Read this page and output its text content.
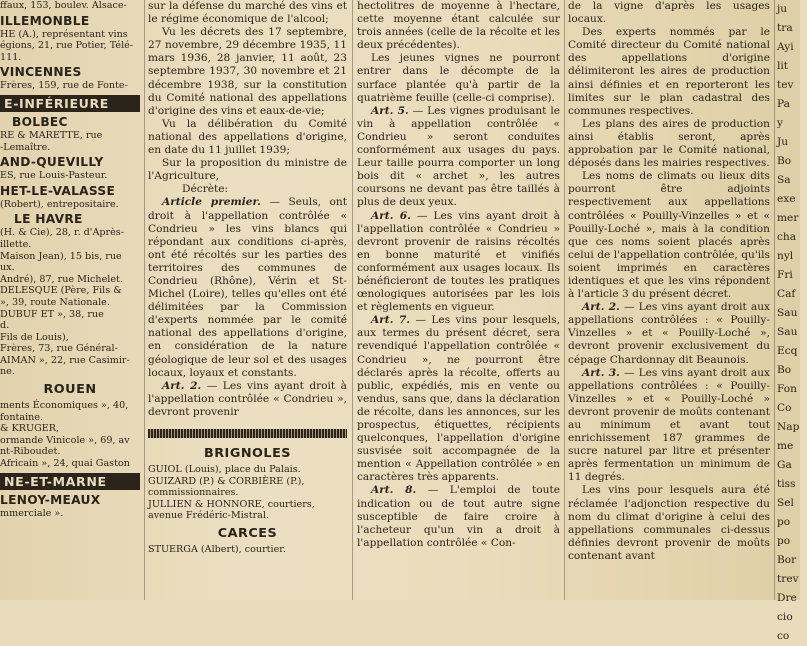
ffaux, 153, boulev. Alsace-
ILLEMONBLE
HE (A.), représentant vins
égions, 21, rue Potier, Télé-
111.
VINCENNES
Frères, 159, rue de Fonte-
E-INFÉRIEURE
BOLBEC
RE & MARETTE, rue
-Lemaître.
AND-QUEVILLY
ES, rue Louis-Pasteur.
HET-LE-VALASSE
(Robert), entrepositaire.
LE HAVRE
(H. & Cie), 28, r. d'Après-
illette.
Maison Jean), 15 bis, rue
ux.
André), 87, rue Michelet.
DELESQUE (Père, Fils &
», 39, route Nationale.
DUBUF ET », 38, rue
d.
Fils de Louis),
Frères, 73, rue Général-
AIMAN », 22, rue Casimir-
ne.
ROUEN
ments Économiques », 40,
fontaine.
& KRUGER,
ormande Vinicole », 69, av
nt-Riboudet.
Africain », 24, quai Gaston
NE-ET-MARNE
LENOY-MEAUX
mmerciale ».

sur la défense du marché des vins et le régime économique de l'alcool;

Vu les décrets des 17 septembre, 27 novembre, 29 décembre 1935, 11 mars 1936, 28 janvier, 11 août, 23 septembre 1937, 30 novembre et 21 décembre 1938, sur la constitution du Comité national des appellations d'origine des vins et eaux-de-vie;

Vu la délibération du Comité national des appellations d'origine, en date du 11 juillet 1939;

Sur la proposition du ministre de l'Agriculture,

Décrète:

Article premier. — Seuls, ont droit à l'appellation contrôlée « Condrieu » les vins blancs qui répondant aux conditions ci-après, ont été récoltés sur les parties des territoires des communes de Condrieu (Rhône), Vérin et St-Michel (Loire), telles qu'elles ont été délimitées par la Commission d'experts nommée par le comité national des appellations d'origine, en considération de la nature géologique de leur sol et des usages locaux, loyaux et constants.

Art. 2. — Les vins ayant droit à l'appellation contrôlée « Condrieu », devront provenir

BRIGNOLES
GUIOL (Louis), place du Palais.
GUIZARD (P.) & CORBIÈRE (P.), commissionnaires.
JULLIEN & HONNORE, courtiers, avenue Frédéric-Mistral.
CARCES
STUERGA (Albert), courtier.

hectolitres de moyenne à l'hectare, cette moyenne étant calculée sur trois années (celle de la récolte et les deux précédentes).

Les jeunes vignes ne pourront entrer dans le décompte de la surface plantée qu'à partir de la quatrième feuille (celle-ci comprise).

Art. 5. — Les vignes produisant le vin à appellation contrôlée « Condrieu » seront conduites conformément aux usages du pays. Leur taille pourra comporter un long bois dit « archet », les autres coursons ne devant pas être taillés à plus de deux yeux.

Art. 6. — Les vins ayant droit à l'appellation contrôlée « Condrieu » devront provenir de raisins récoltés en bonne maturité et vinifiés conformément aux usages locaux. Ils bénéficieront de toutes les pratiques œnologiques autorisées par les lois et règlements en vigueur.

Art. 7. — Les vins pour lesquels, aux termes du présent décret, sera revendiqué l'appellation contrôlée « Condrieu », ne pourront être déclarés après la récolte, offerts au public, expédiés, mis en vente ou vendus, sans que, dans la déclaration de récolte, dans les annonces, sur les prospectus, étiquettes, récipients quelconques, l'appellation d'origine susvisée soit accompagnée de la mention « Appellation contrôlée » en caractères très apparents.

Art. 8. — L'emploi de toute indication ou de tout autre signe susceptible de faire croire à l'acheteur qu'un vin a droit à l'appellation contrôlée « Con-

de la vigne d'après les usages locaux.

Des experts nommés par le Comité directeur du Comité national des appellations d'origine délimiteront les aires de production ainsi définies et en reporteront les limites sur le plan cadastral des communes respectives.

Les plans des aires de production ainsi établis seront, après approbation par le Comité national, déposés dans les mairies respectives.

Les noms de climats ou lieux dits pourront être adjoints respectivement aux appellations contrôlées « Pouilly-Vinzelles » et « Pouilly-Loché », mais à la condition que ces noms soient placés après celui de l'appellation contrôlée, qu'ils soient imprimés en caractères identiques et que les vins répondent à l'article 3 du présent décret.

Art. 2. — Les vins ayant droit aux appellations contrôlées : « Pouilly-Vinzelles » et « Pouilly-Loché », devront provenir exclusivement du cépage Chardonnay dit Beaunois.

Art. 3. — Les vins ayant droit aux appellations contrôlées : « Pouilly-Vinzelles » et « Pouilly-Loché » devront provenir de moûts contenant au minimum et avant tout enrichissement 187 grammes de sucre naturel par litre et présenter après fermentation un minimum de 11 degrés.

Les vins pour lesquels aura été réclamée l'adjonction respective du nom du climat d'origine à celui des appellations communales ci-dessus définies devront provenir de moûts contenant avant

ju
tra
Ayi
lit
tev
Pa
y
Ju
Bo
Sa
exe
mer
cha
nyl
Fri
Caf
Sau
Sau
Ecq
Bo
Fon
Co
Nap
me
Ga
tiss
Sel
po
po
Bor
trev
Dre
cio
co
